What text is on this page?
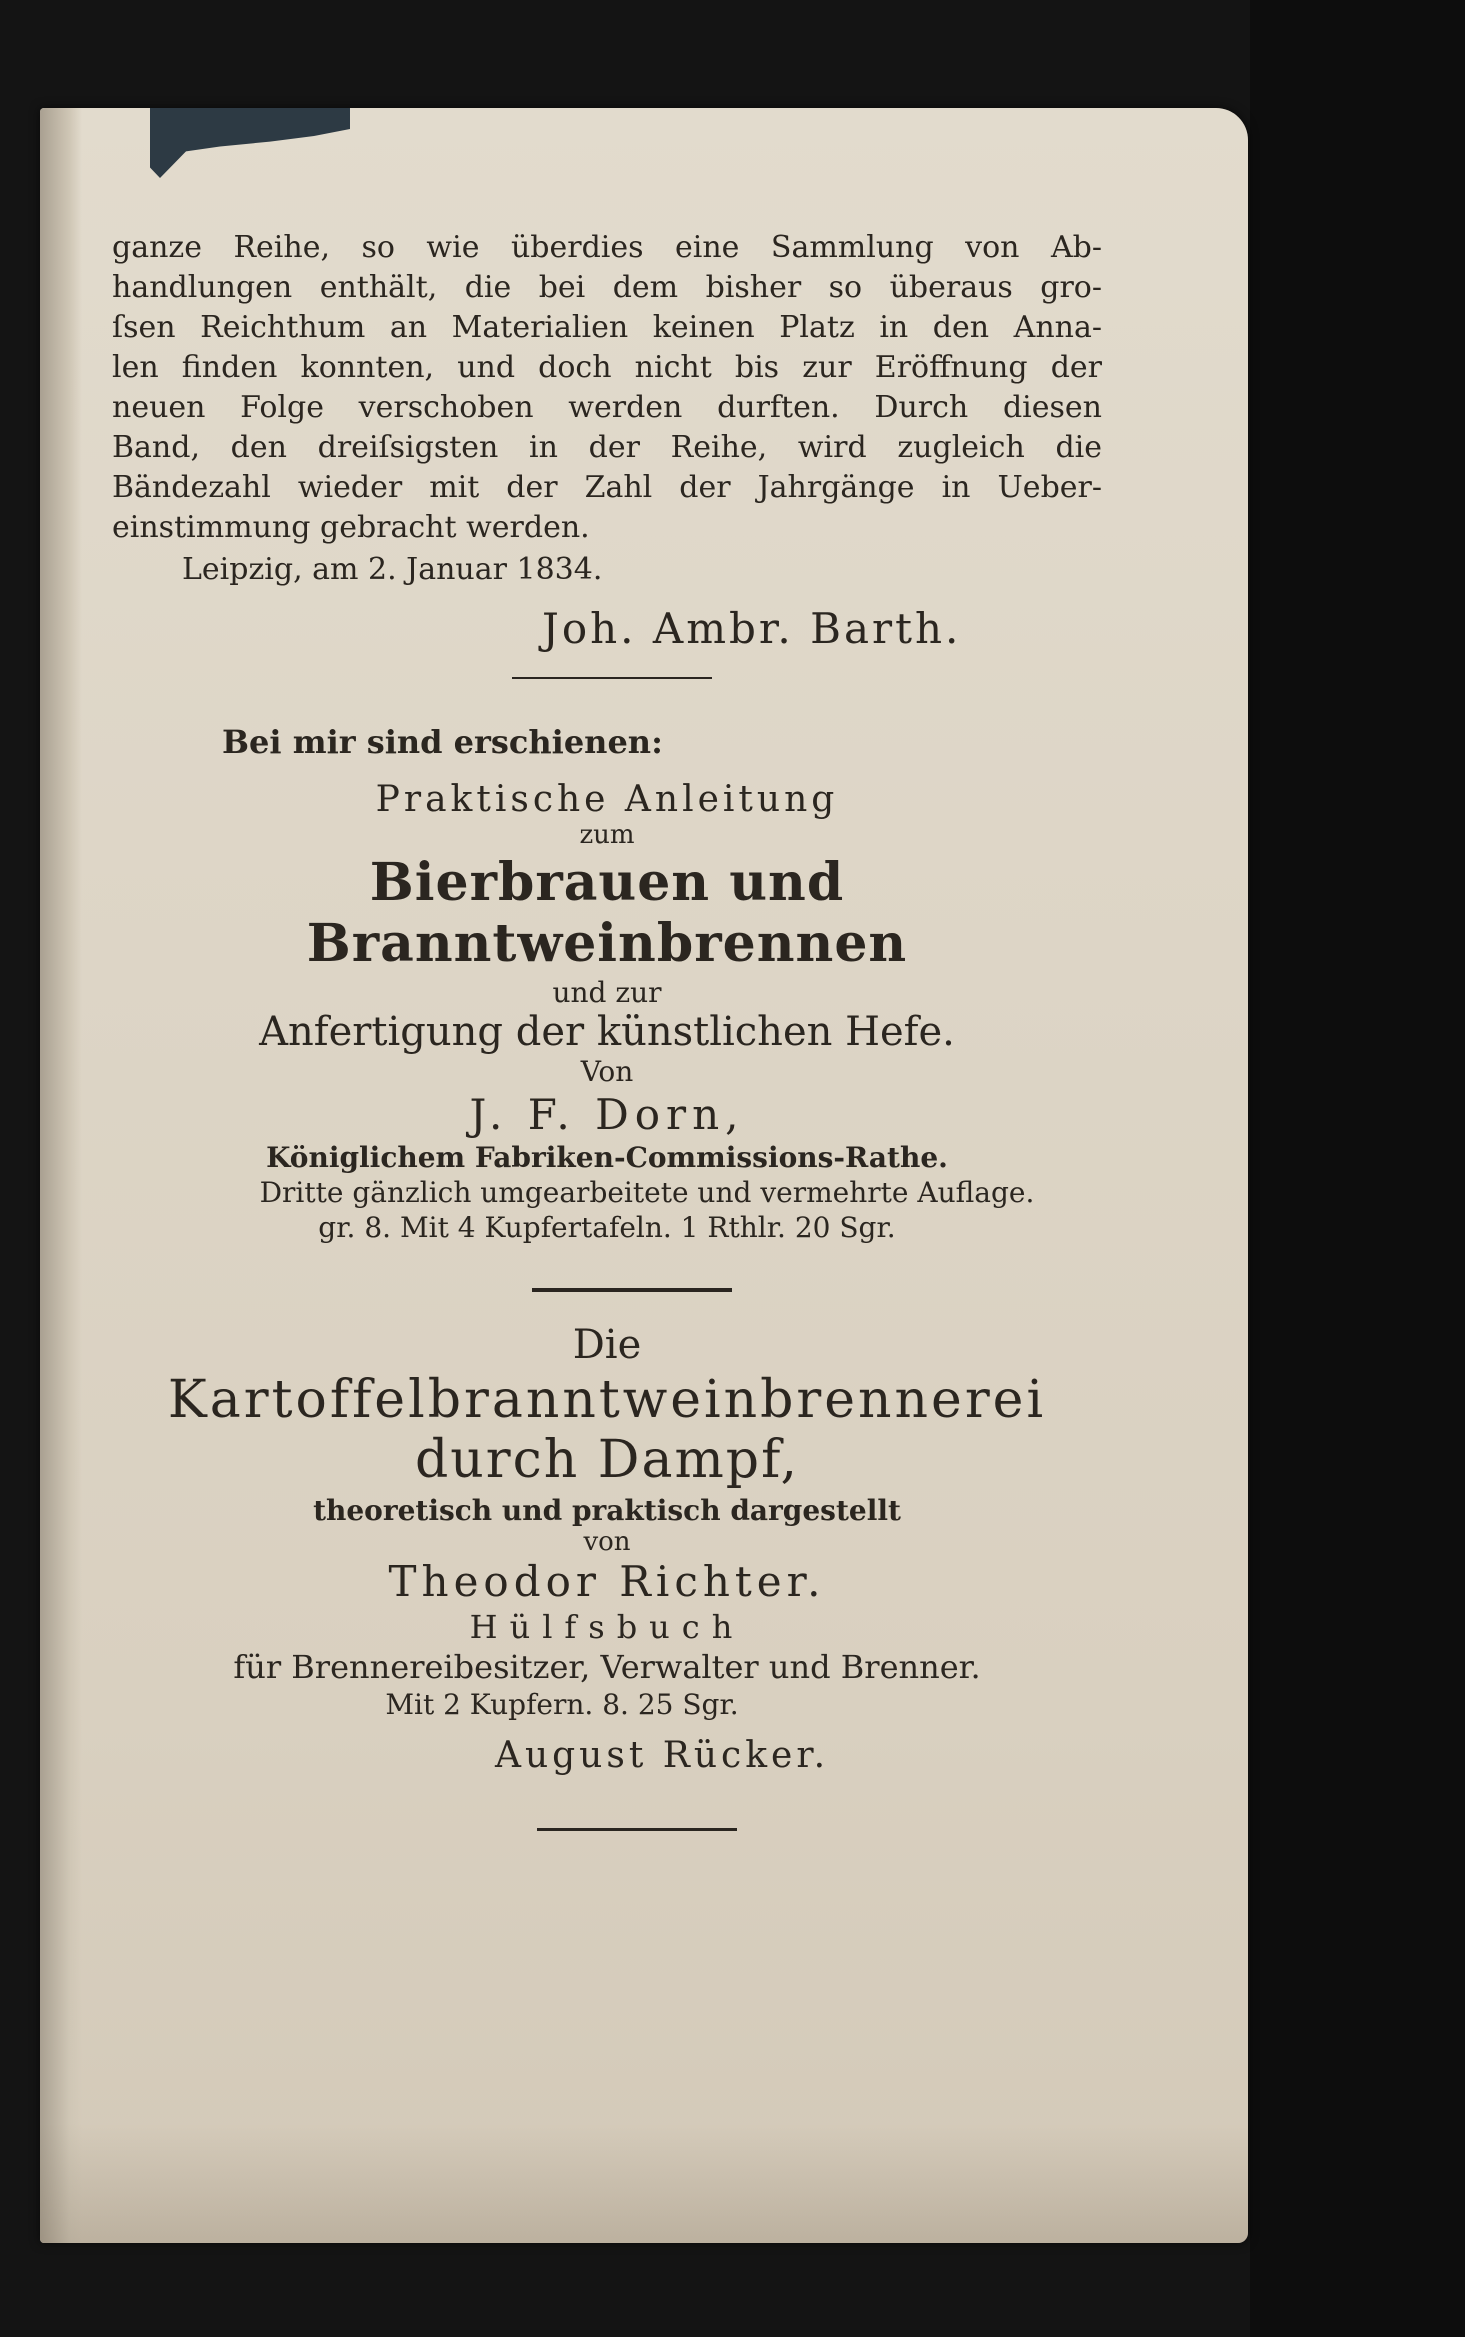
ganze Reihe, so wie überdies eine Sammlung von Ab-
handlungen enthält, die bei dem bisher so überaus gro-
ſsen Reichthum an Materialien keinen Platz in den Anna-
len finden konnten, und doch nicht bis zur Eröffnung der
neuen Folge verschoben werden durften. Durch diesen
Band, den dreiſsigsten in der Reihe, wird zugleich die
Bändezahl wieder mit der Zahl der Jahrgänge in Ueber-
einstimmung gebracht werden.
Leipzig, am 2. Januar 1834.
Joh. Ambr. Barth.
Bei mir sind erschienen:
Praktische Anleitung
zum
Bierbrauen und Branntweinbrennen
und zur
Anfertigung der künstlichen Hefe.
Von
J. F. Dorn,
Königlichem Fabriken-Commissions-Rathe.
Dritte gänzlich umgearbeitete und vermehrte Auflage.
gr. 8. Mit 4 Kupfertafeln. 1 Rthlr. 20 Sgr.
Die
Kartoffelbranntweinbrennerei
durch Dampf,
theoretisch und praktisch dargestellt
von
Theodor Richter.
Hülfsbuch
für Brennereibesitzer, Verwalter und Brenner.
Mit 2 Kupfern. 8. 25 Sgr.
August Rücker.
